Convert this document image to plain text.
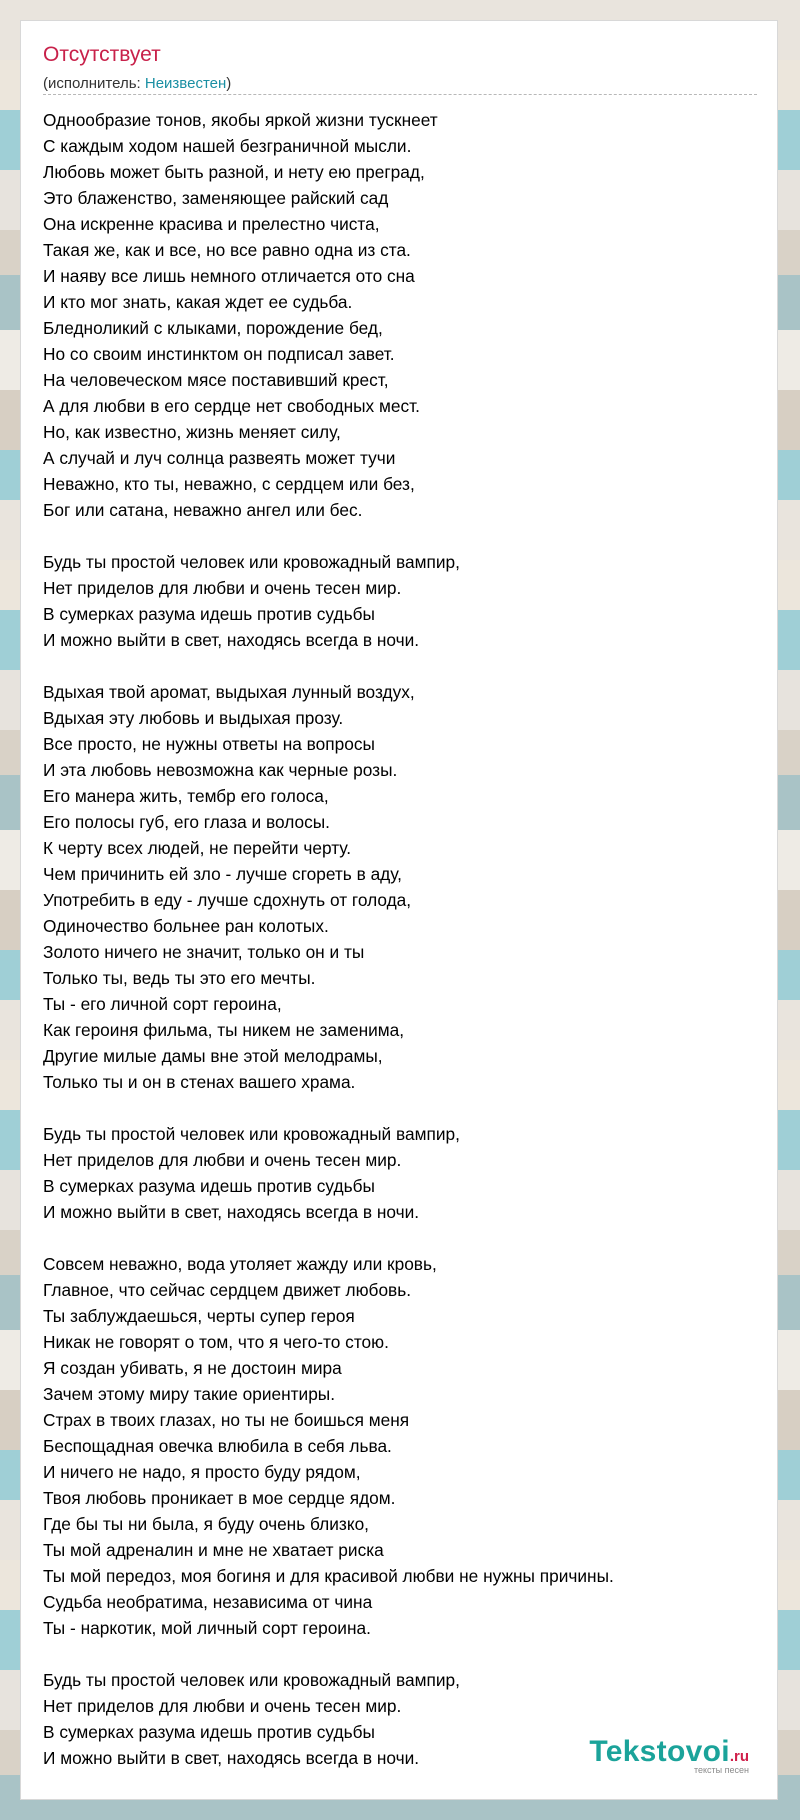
Отсутствует
(исполнитель: Неизвестен)
Однообразие тонов, якобы яркой жизни тускнеет
С каждым ходом нашей безграничной мысли.
Любовь может быть разной, и нету ею преград,
Это блаженство, заменяющее райский сад
Она искренне красива и прелестно чиста,
Такая же, как и все, но все равно одна из ста.
И наяву все лишь немного отличается ото сна
И кто мог знать, какая ждет ее судьба.
Бледноликий с клыками, порождение бед,
Но со своим инстинктом он подписал завет.
На человеческом мясе поставивший крест,
А для любви в его сердце нет свободных мест.
Но, как известно, жизнь меняет силу,
А случай и луч солнца развеять может тучи
Неважно, кто ты, неважно, с сердцем или без,
Бог или сатана, неважно ангел или бес.
Будь ты простой человек или кровожадный вампир,
Нет приделов для любви и очень тесен мир.
В сумерках разума идешь против судьбы
И можно выйти в свет, находясь всегда в ночи.
Вдыхая твой аромат, выдыхая лунный воздух,
Вдыхая эту любовь и выдыхая прозу.
Все просто, не нужны ответы на вопросы
И эта любовь невозможна как черные розы.
Его манера жить, тембр его голоса,
Его полосы губ, его глаза и волосы.
К черту всех людей, не перейти черту.
Чем причинить ей зло - лучше сгореть в аду,
Употребить в еду - лучше сдохнуть от голода,
Одиночество больнее ран колотых.
Золото ничего не значит, только он и ты
Только ты, ведь ты это его мечты.
Ты - его личной сорт героина,
Как героиня фильма, ты никем не заменима,
Другие милые дамы вне этой мелодрамы,
Только ты и он в стенах вашего храма.
Будь ты простой человек или кровожадный вампир,
Нет приделов для любви и очень тесен мир.
В сумерках разума идешь против судьбы
И можно выйти в свет, находясь всегда в ночи.
Совсем неважно, вода утоляет жажду или кровь,
Главное, что сейчас сердцем движет любовь.
Ты заблуждаешься, черты супер героя
Никак не говорят о том, что я чего-то стою.
Я создан убивать, я не достоин мира
Зачем этому миру такие ориентиры.
Страх в твоих глазах, но ты не боишься меня
Беспощадная овечка влюбила в себя льва.
И ничего не надо, я просто буду рядом,
Твоя любовь проникает в мое сердце ядом.
Где бы ты ни была, я буду очень близко,
Ты мой адреналин и мне не хватает риска
Ты мой передоз, моя богиня и для красивой любви не нужны причины.
Судьба необратима, независима от чина
Ты - наркотик, мой личный сорт героина.
Будь ты простой человек или кровожадный вампир,
Нет приделов для любви и очень тесен мир.
В сумерках разума идешь против судьбы
И можно выйти в свет, находясь всегда в ночи.	Tekstovoi.ru
тексты песен
